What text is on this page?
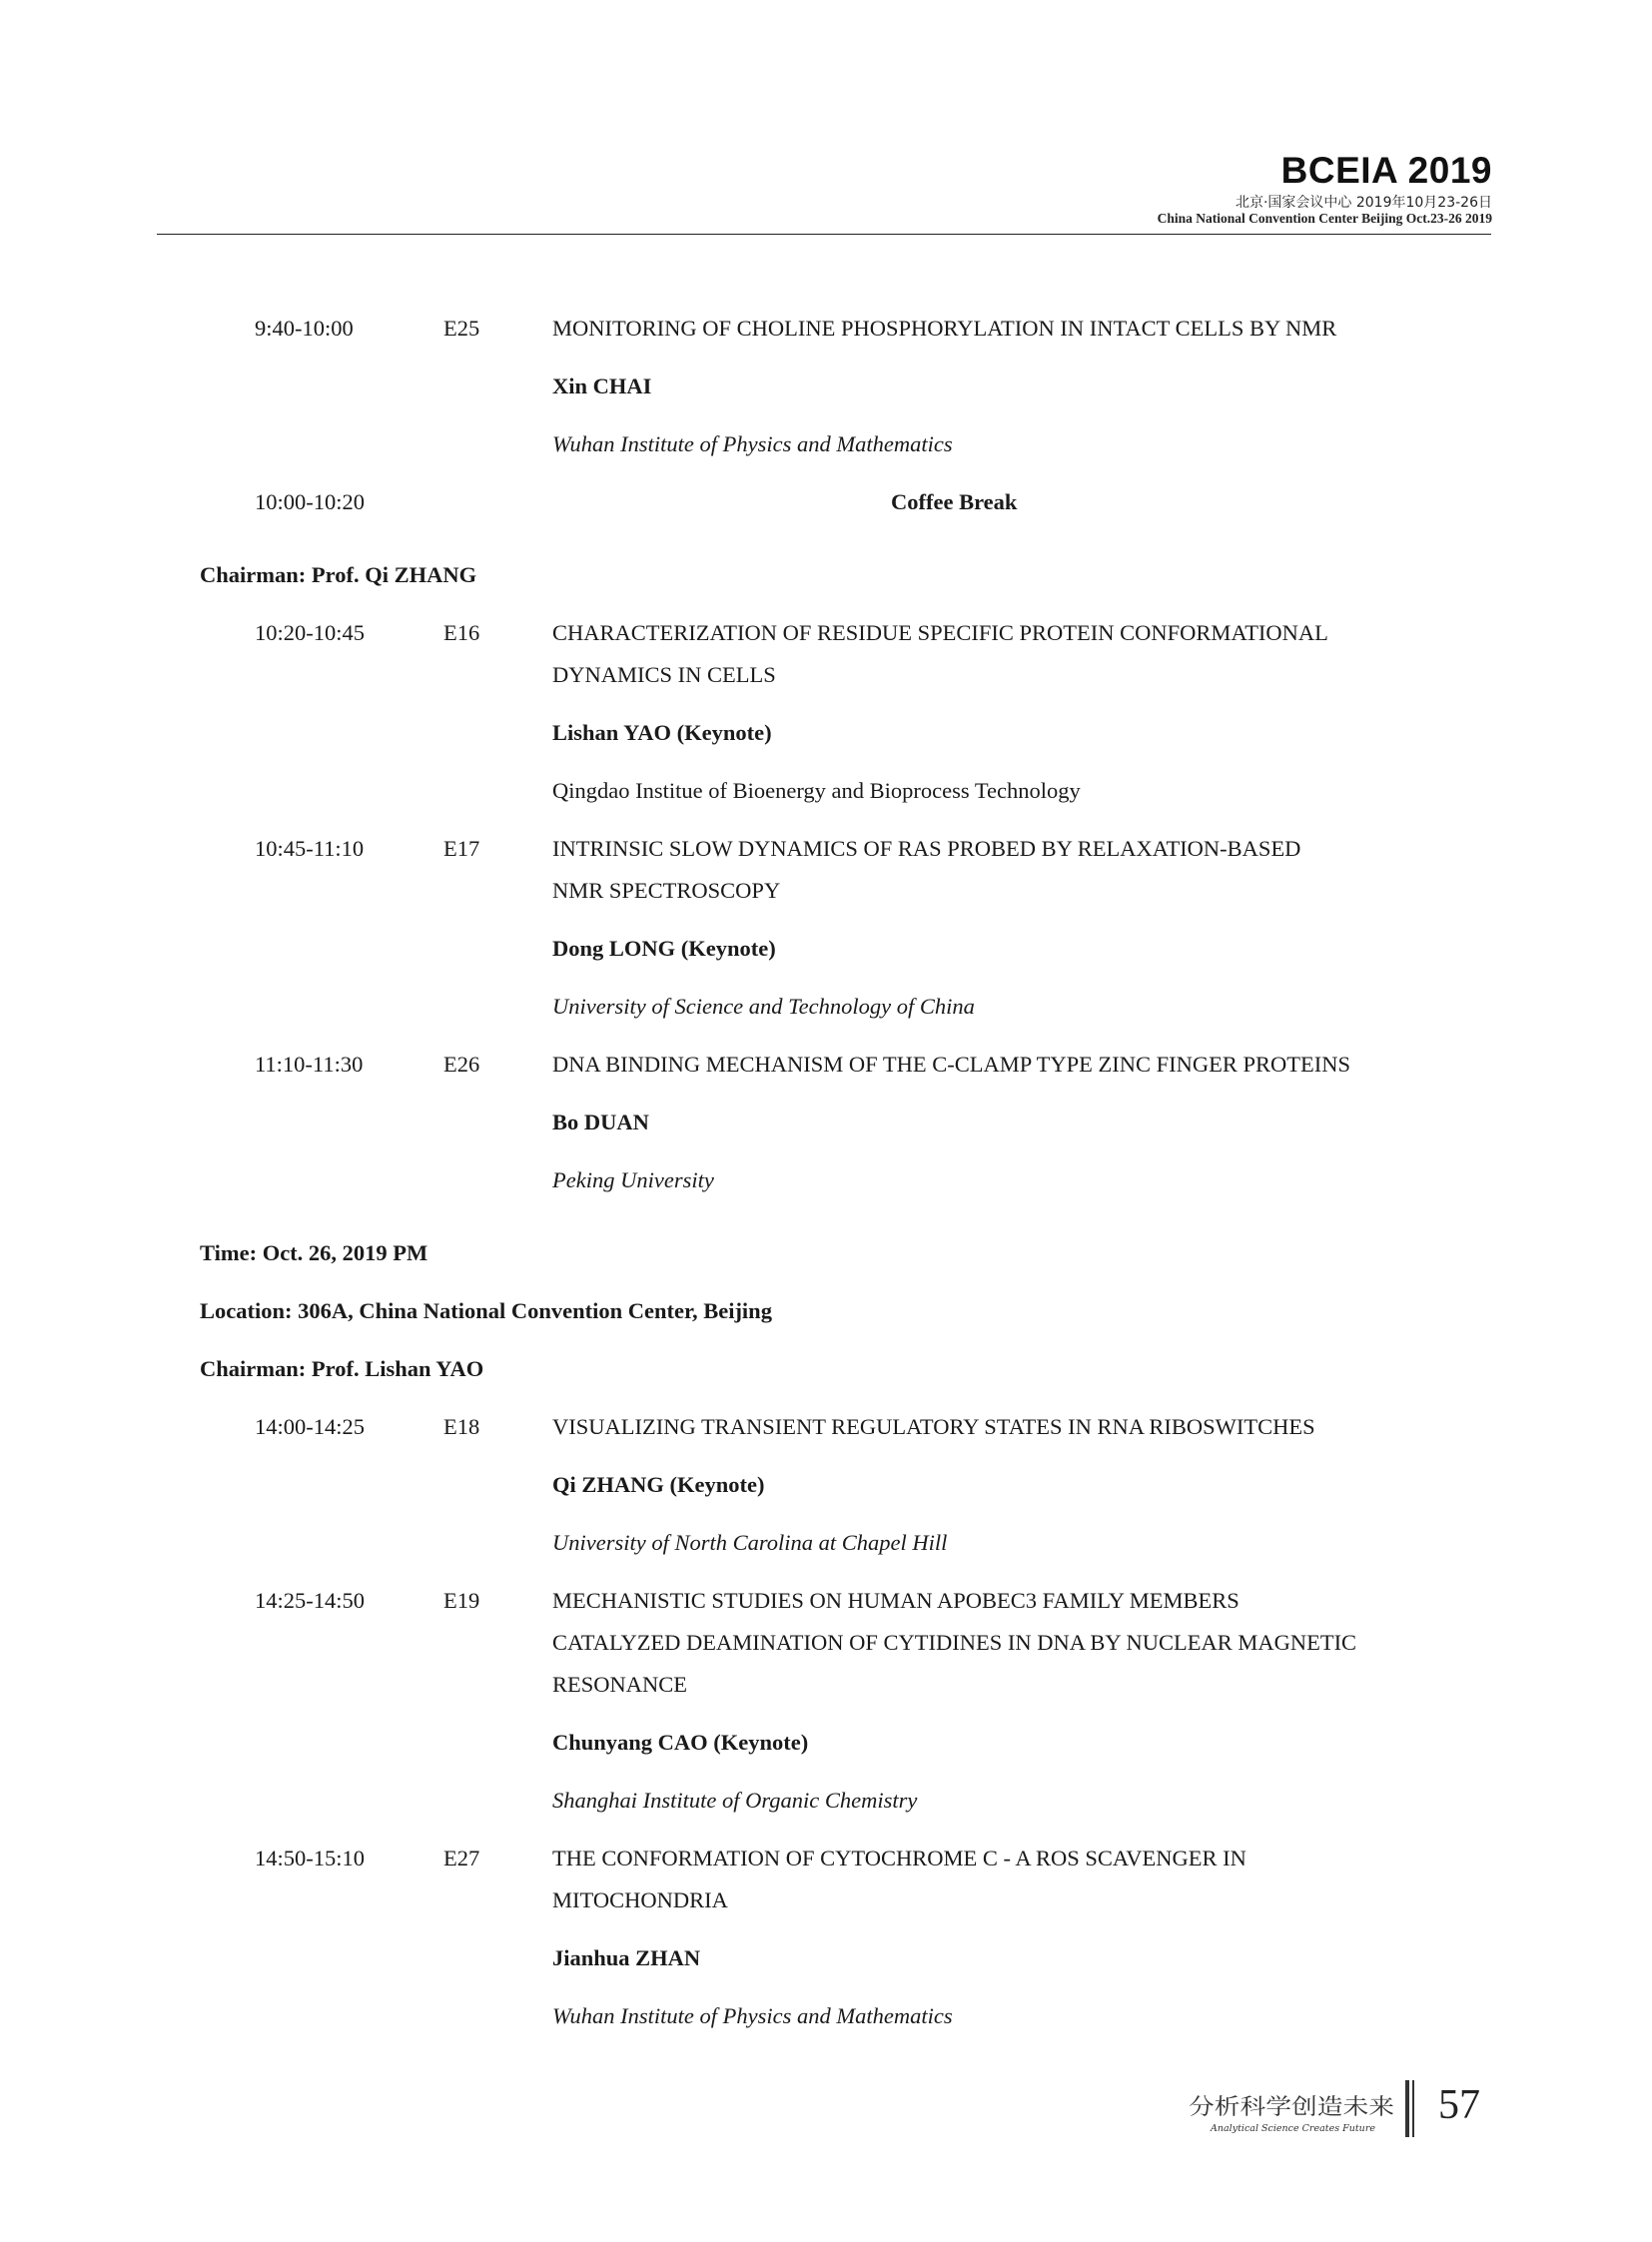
BCEIA 2019
北京·国家会议中心 2019年10月23-26日
China National Convention Center Beijing Oct.23-26 2019
9:40-10:00	E25	MONITORING OF CHOLINE PHOSPHORYLATION IN INTACT CELLS BY NMR
Xin CHAI
Wuhan Institute of Physics and Mathematics
10:00-10:20	Coffee Break
Chairman: Prof. Qi ZHANG
10:20-10:45	E16	CHARACTERIZATION OF RESIDUE SPECIFIC PROTEIN CONFORMATIONAL
DYNAMICS IN CELLS
Lishan YAO (Keynote)
Qingdao Institue of Bioenergy and Bioprocess Technology
10:45-11:10	E17	INTRINSIC SLOW DYNAMICS OF RAS PROBED BY RELAXATION-BASED
NMR SPECTROSCOPY
Dong LONG (Keynote)
University of Science and Technology of China
11:10-11:30	E26	DNA BINDING MECHANISM OF THE C-CLAMP TYPE ZINC FINGER PROTEINS
Bo DUAN
Peking University
Time: Oct. 26, 2019 PM
Location: 306A, China National Convention Center, Beijing
Chairman: Prof. Lishan YAO
14:00-14:25	E18	VISUALIZING TRANSIENT REGULATORY STATES IN RNA RIBOSWITCHES
Qi ZHANG (Keynote)
University of North Carolina at Chapel Hill
14:25-14:50	E19	MECHANISTIC STUDIES ON HUMAN APOBEC3 FAMILY MEMBERS
CATALYZED DEAMINATION OF CYTIDINES IN DNA BY NUCLEAR MAGNETIC
RESONANCE
Chunyang CAO (Keynote)
Shanghai Institute of Organic Chemistry
14:50-15:10	E27	THE CONFORMATION OF CYTOCHROME C - A ROS SCAVENGER IN
MITOCHONDRIA
Jianhua ZHAN
Wuhan Institute of Physics and Mathematics
分析科学创造未来
Analytical Science Creates Future
57
